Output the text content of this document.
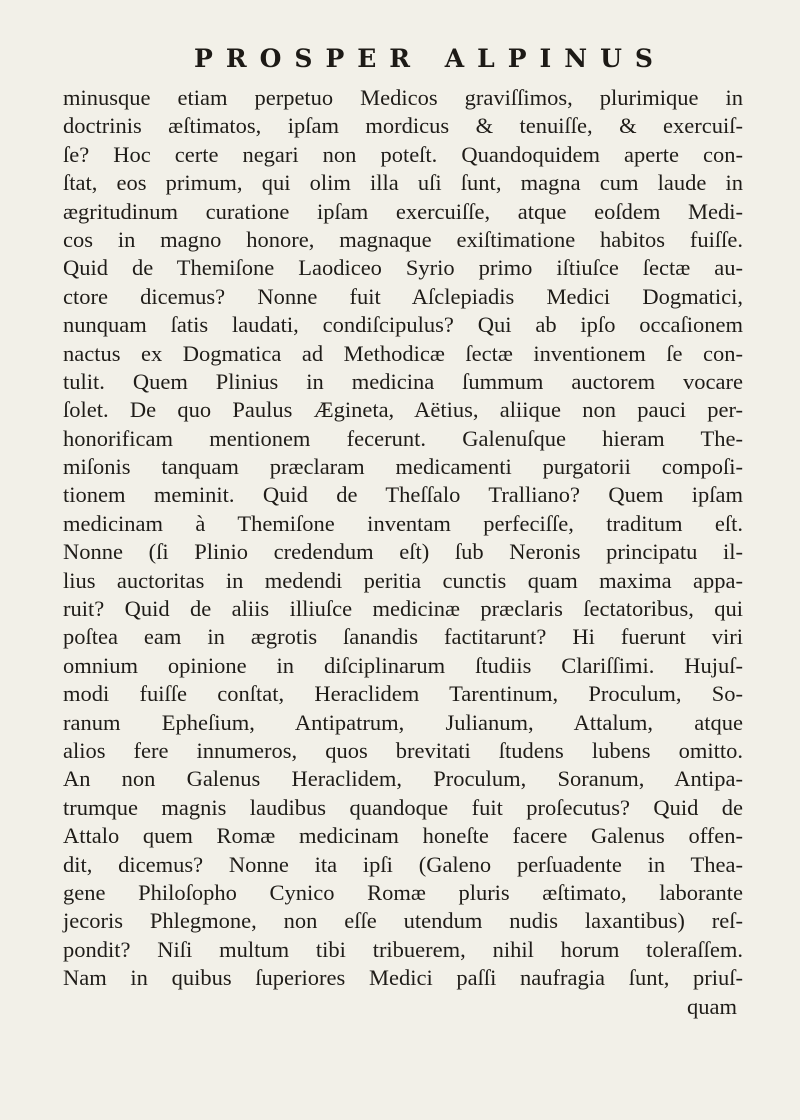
PROSPER ALPINUS
minusque etiam perpetuo Medicos graviſſimos, plurimique in
doctrinis æſtimatos, ipſam mordicus & tenuiſſe, & exercuiſ-
ſe? Hoc certe negari non poteſt. Quandoquidem aperte con-
ſtat, eos primum, qui olim illa uſi ſunt, magna cum laude in
ægritudinum curatione ipſam exercuiſſe, atque eoſdem Medi-
cos in magno honore, magnaque exiſtimatione habitos fuiſſe.
Quid de Themiſone Laodiceo Syrio primo iſtiuſce ſectæ au-
ctore dicemus? Nonne fuit Aſclepiadis Medici Dogmatici,
nunquam ſatis laudati, condiſcipulus? Qui ab ipſo occaſionem
nactus ex Dogmatica ad Methodicæ ſectæ inventionem ſe con-
tulit. Quem Plinius in medicina ſummum auctorem vocare
ſolet. De quo Paulus Ægineta, Aëtius, aliique non pauci per-
honorificam mentionem fecerunt. Galenuſque hieram The-
miſonis tanquam præclaram medicamenti purgatorii compoſi-
tionem meminit. Quid de Theſſalo Tralliano? Quem ipſam
medicinam à Themiſone inventam perfeciſſe, traditum eſt.
Nonne (ſi Plinio credendum eſt) ſub Neronis principatu il-
lius auctoritas in medendi peritia cunctis quam maxima appa-
ruit? Quid de aliis illiuſce medicinæ præclaris ſectatoribus, qui
poſtea eam in ægrotis ſanandis factitarunt? Hi fuerunt viri
omnium opinione in diſciplinarum ſtudiis Clariſſimi. Hujuſ-
modi fuiſſe conſtat, Heraclidem Tarentinum, Proculum, So-
ranum Epheſium, Antipatrum, Julianum, Attalum, atque
alios fere innumeros, quos brevitati ſtudens lubens omitto.
An non Galenus Heraclidem, Proculum, Soranum, Antipa-
trumque magnis laudibus quandoque fuit proſecutus? Quid de
Attalo quem Romæ medicinam honeſte facere Galenus offen-
dit, dicemus? Nonne ita ipſi (Galeno perſuadente in Thea-
gene Philoſopho Cynico Romæ pluris æſtimato, laborante
jecoris Phlegmone, non eſſe utendum nudis laxantibus) reſ-
pondit? Niſi multum tibi tribuerem, nihil horum toleraſſem.
Nam in quibus ſuperiores Medici paſſi naufragia ſunt, priuſ-
quam
